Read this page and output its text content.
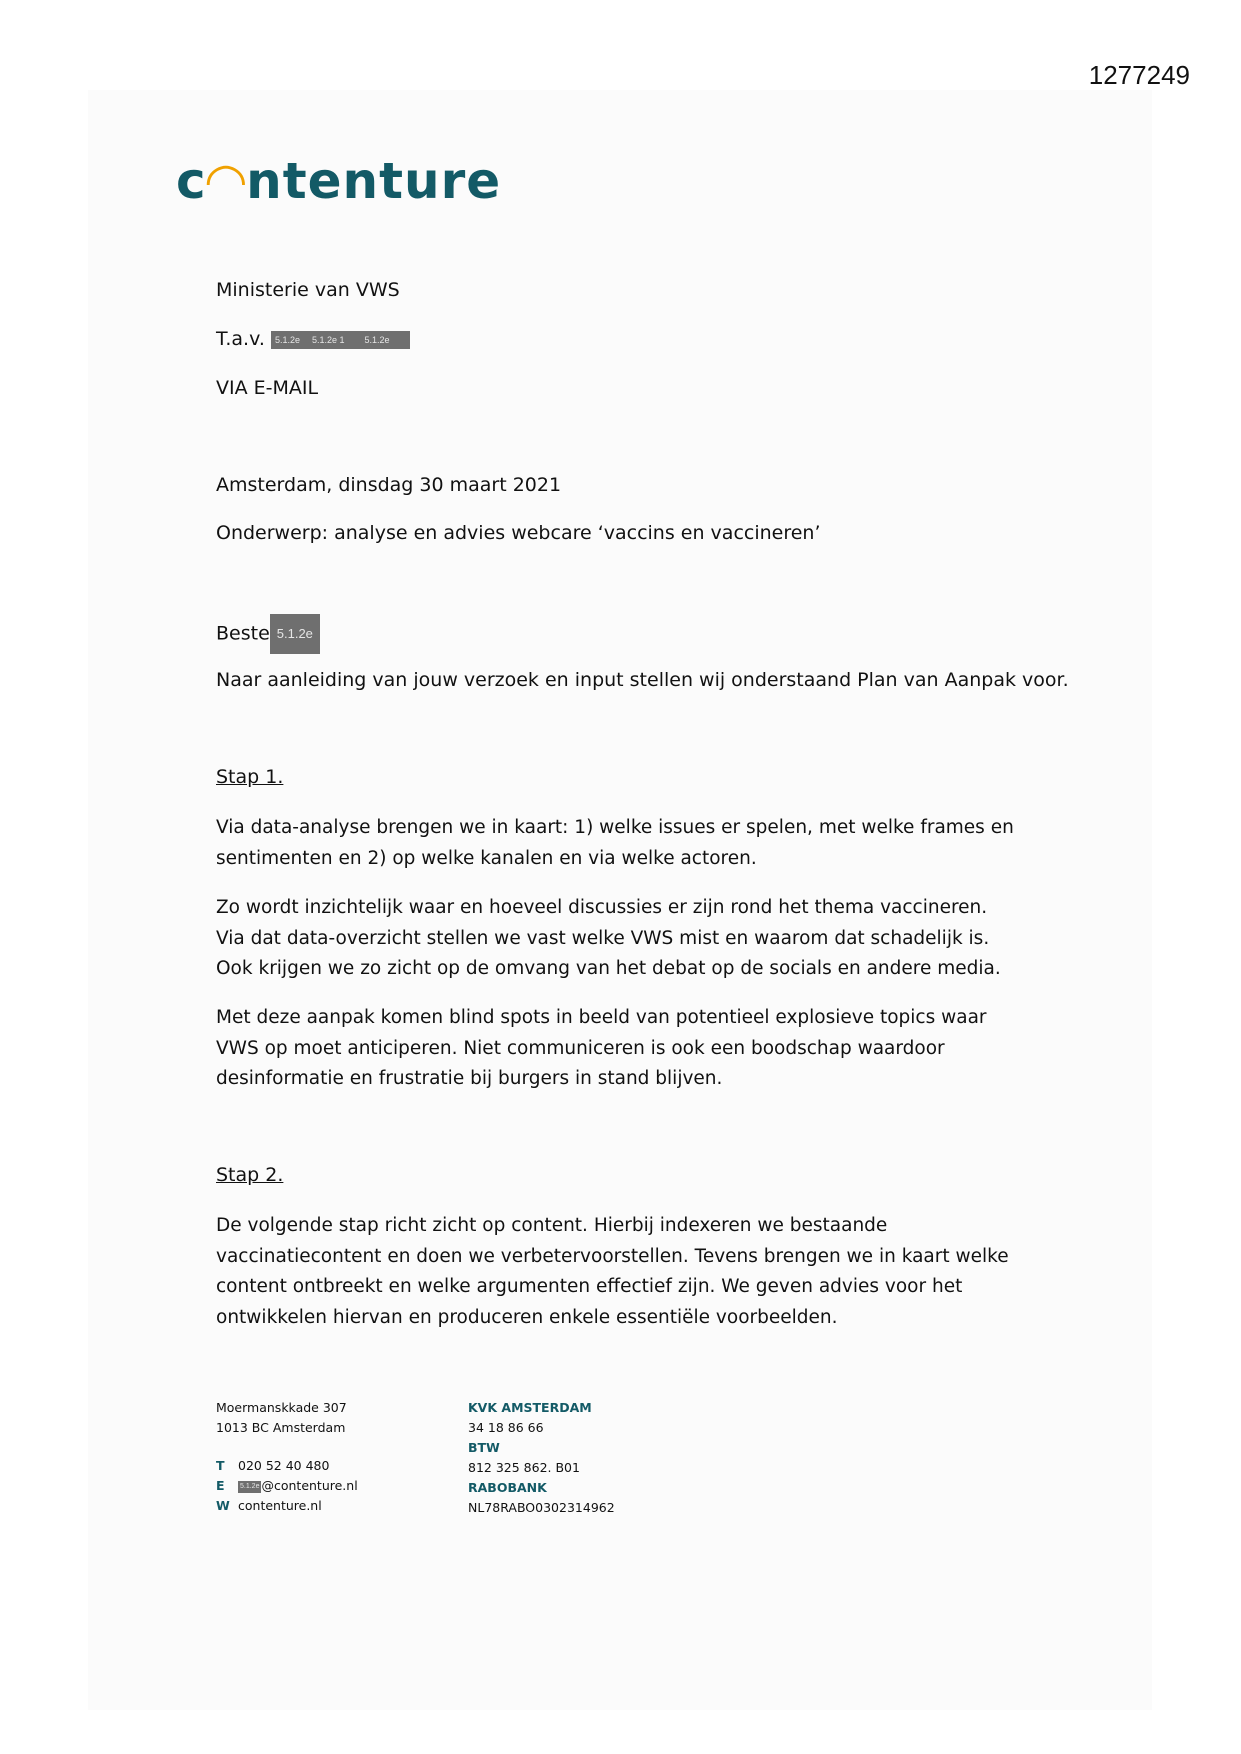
1277249
c◠ntenture
Ministerie van VWS
T.a.v. 5.1.2e 5.1.2e 1 5.1.2e
VIA E-MAIL
Amsterdam, dinsdag 30 maart 2021
Onderwerp: analyse en advies webcare ‘vaccins en vaccineren’
Beste 5.1.2e
Naar aanleiding van jouw verzoek en input stellen wij onderstaand Plan van Aanpak voor.
Stap 1.
Via data-analyse brengen we in kaart: 1) welke issues er spelen, met welke frames en sentimenten en 2) op welke kanalen en via welke actoren.
Zo wordt inzichtelijk waar en hoeveel discussies er zijn rond het thema vaccineren. Via dat data-overzicht stellen we vast welke VWS mist en waarom dat schadelijk is. Ook krijgen we zo zicht op de omvang van het debat op de socials en andere media.
Met deze aanpak komen blind spots in beeld van potentieel explosieve topics waar VWS op moet anticiperen. Niet communiceren is ook een boodschap waardoor desinformatie en frustratie bij burgers in stand blijven.
Stap 2.
De volgende stap richt zicht op content. Hierbij indexeren we bestaande vaccinatiecontent en doen we verbetervoorstellen. Tevens brengen we in kaart welke content ontbreekt en welke argumenten effectief zijn. We geven advies voor het ontwikkelen hiervan en produceren enkele essentiële voorbeelden.
Moermanskkade 307
1013 BC Amsterdam
T 020 52 40 480
E 5.1.2e @contenture.nl
W contenture.nl
KVK AMSTERDAM
34 18 86 66
BTW
812 325 862. B01
RABOBANK
NL78RABO0302314962
